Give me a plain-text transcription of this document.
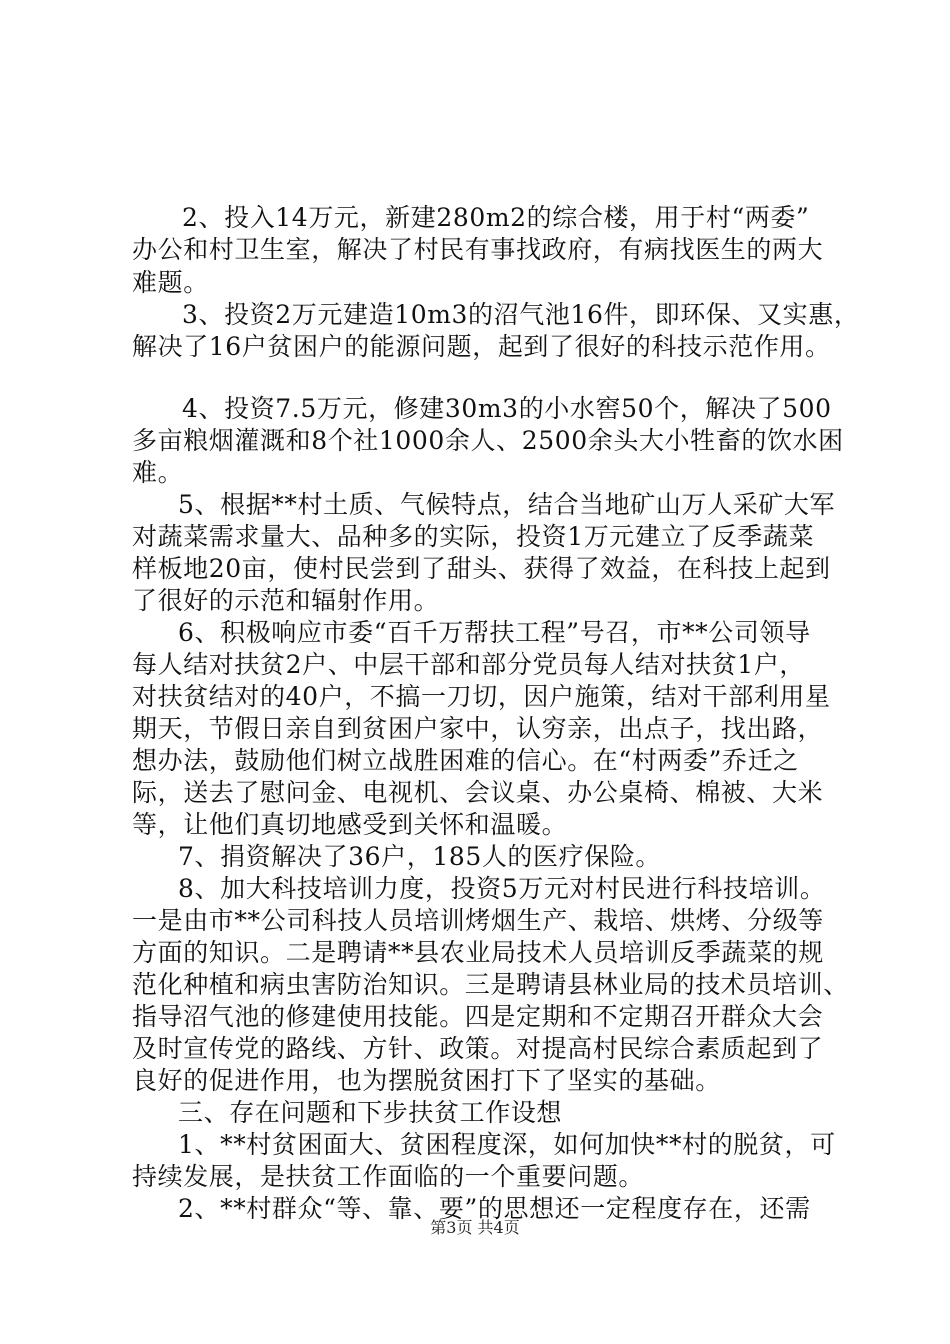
2、投入14万元，新建280m2的综合楼，用于村“两委”

办公和村卫生室，解决了村民有事找政府，有病找医生的两大

难题。

3、投资2万元建造10m3的沼气池16件，即环保、又实惠，

解决了16户贫困户的能源问题，起到了很好的科技示范作用。

4、投资7.5万元，修建30m3的小水窖50个，解决了500

多亩粮烟灌溉和8个社1000余人、2500余头大小牲畜的饮水困

难。

5、根据**村土质、气候特点，结合当地矿山万人采矿大军

对蔬菜需求量大、品种多的实际，投资1万元建立了反季蔬菜

样板地20亩，使村民尝到了甜头、获得了效益，在科技上起到

了很好的示范和辐射作用。

6、积极响应市委“百千万帮扶工程”号召，市**公司领导

每人结对扶贫2户、中层干部和部分党员每人结对扶贫1户，

对扶贫结对的40户，不搞一刀切，因户施策，结对干部利用星

期天，节假日亲自到贫困户家中，认穷亲，出点子，找出路，

想办法，鼓励他们树立战胜困难的信心。在“村两委”乔迁之

际，送去了慰问金、电视机、会议桌、办公桌椅、棉被、大米

等，让他们真切地感受到关怀和温暖。

7、捐资解决了36户，185人的医疗保险。

8、加大科技培训力度，投资5万元对村民进行科技培训。

一是由市**公司科技人员培训烤烟生产、栽培、烘烤、分级等

方面的知识。二是聘请**县农业局技术人员培训反季蔬菜的规

范化种植和病虫害防治知识。三是聘请县林业局的技术员培训、

指导沼气池的修建使用技能。四是定期和不定期召开群众大会

及时宣传党的路线、方针、政策。对提高村民综合素质起到了

良好的促进作用，也为摆脱贫困打下了坚实的基础。

三、存在问题和下步扶贫工作设想

1、**村贫困面大、贫困程度深，如何加快**村的脱贫，可

持续发展，是扶贫工作面临的一个重要问题。

2、**村群众“等、靠、要”的思想还一定程度存在，还需

第3页 共4页
